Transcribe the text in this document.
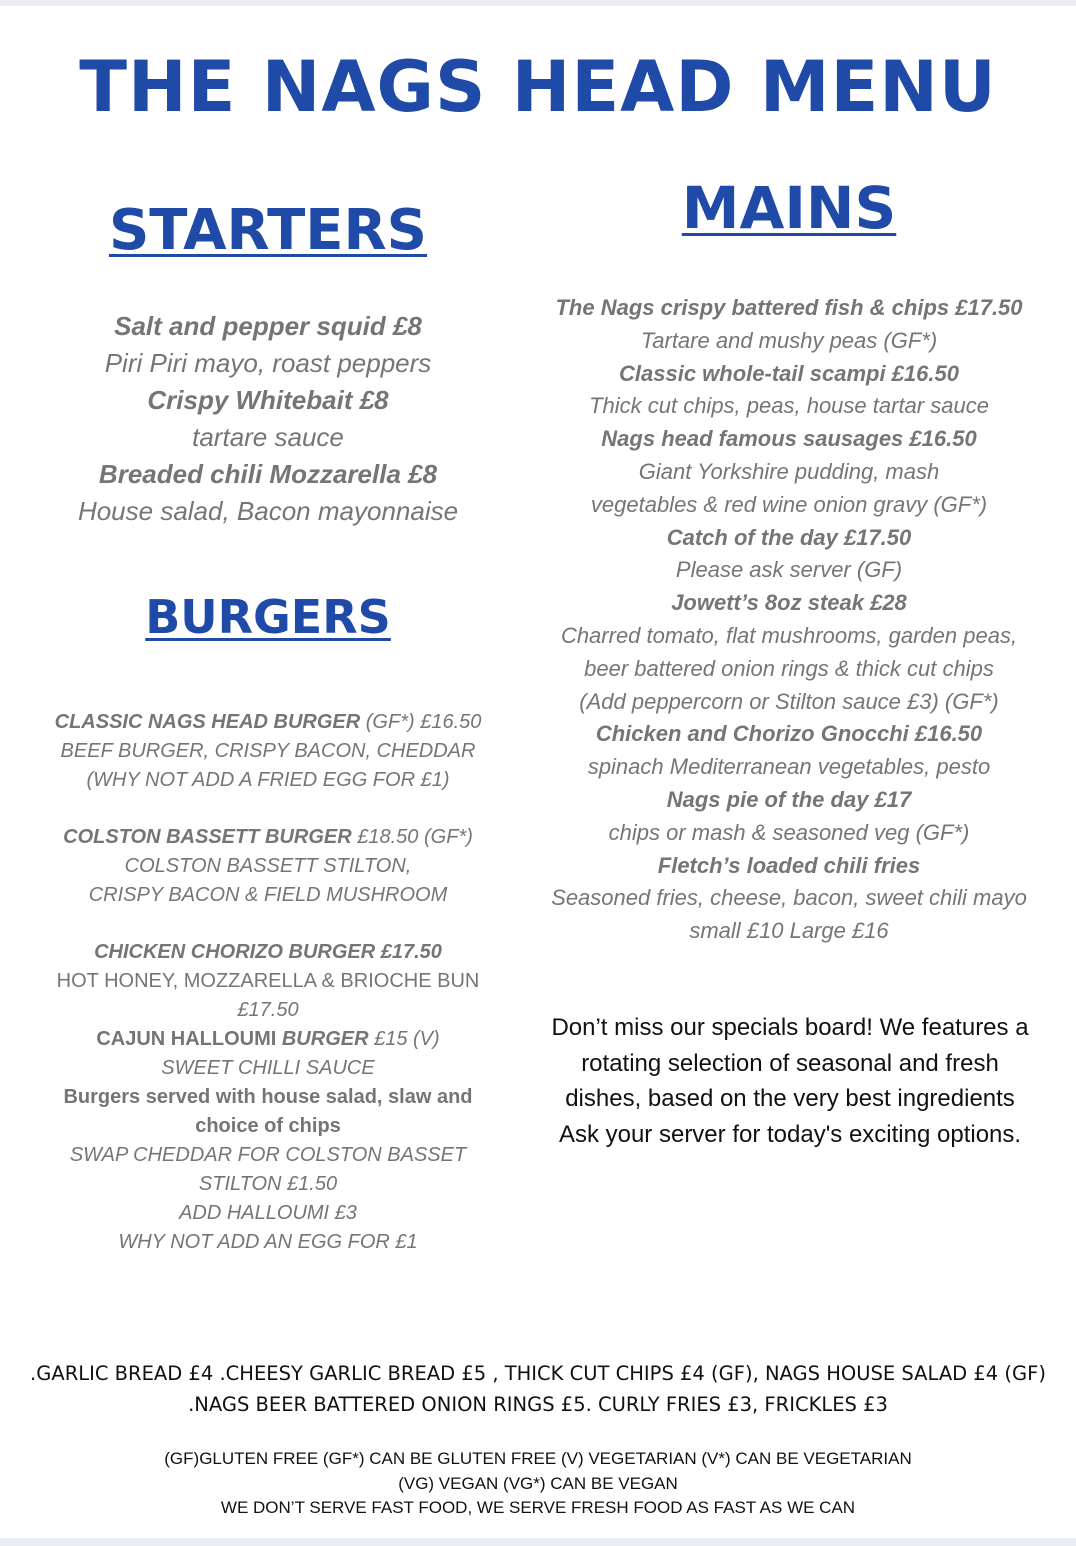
THE NAGS HEAD MENU
STARTERS
Salt and pepper squid £8
Piri Piri mayo, roast peppers
Crispy Whitebait £8
tartare sauce
Breaded chili Mozzarella £8
House salad, Bacon mayonnaise
BURGERS
CLASSIC NAGS HEAD BURGER (GF*) £16.50
BEEF BURGER, CRISPY BACON, CHEDDAR
(WHY NOT ADD A FRIED EGG FOR £1)
COLSTON BASSETT BURGER £18.50 (GF*)
COLSTON BASSETT STILTON,
CRISPY BACON & FIELD MUSHROOM
CHICKEN CHORIZO BURGER £17.50
HOT HONEY, MOZZARELLA & BRIOCHE BUN
£17.50
CAJUN HALLOUMI BURGER £15 (V)
SWEET CHILLI SAUCE
Burgers served with house salad, slaw and
choice of chips
SWAP CHEDDAR FOR COLSTON BASSET
STILTON £1.50
ADD HALLOUMI £3
WHY NOT ADD AN EGG FOR £1
MAINS
The Nags crispy battered fish & chips £17.50
Tartare and mushy peas (GF*)
Classic whole-tail scampi £16.50
Thick cut chips, peas, house tartar sauce
Nags head famous sausages £16.50
Giant Yorkshire pudding, mash
vegetables & red wine onion gravy (GF*)
Catch of the day £17.50
Please ask server (GF)
Jowett’s 8oz steak £28
Charred tomato, flat mushrooms, garden peas,
beer battered onion rings & thick cut chips
(Add peppercorn or Stilton sauce £3) (GF*)
Chicken and Chorizo Gnocchi £16.50
spinach Mediterranean vegetables, pesto
Nags pie of the day £17
chips or mash & seasoned veg (GF*)
Fletch’s loaded chili fries
Seasoned fries, cheese, bacon, sweet chili mayo
small £10 Large £16
Don’t miss our specials board! We features a
rotating selection of seasonal and fresh
dishes, based on the very best ingredients
Ask your server for today's exciting options.
.GARLIC BREAD £4 .CHEESY GARLIC BREAD £5 , THICK CUT CHIPS £4 (GF), NAGS HOUSE SALAD £4 (GF)
.NAGS BEER BATTERED ONION RINGS £5. CURLY FRIES £3, FRICKLES £3
(GF)GLUTEN FREE (GF*) CAN BE GLUTEN FREE (V) VEGETARIAN (V*) CAN BE VEGETARIAN
(VG) VEGAN (VG*) CAN BE VEGAN
WE DON’T SERVE FAST FOOD, WE SERVE FRESH FOOD AS FAST AS WE CAN
